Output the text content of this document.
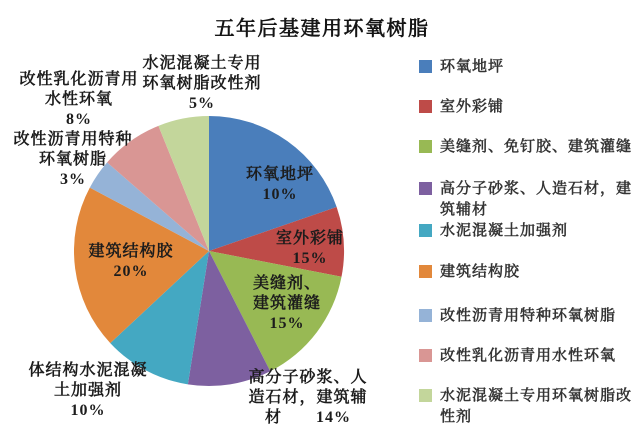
五年后基建用环氧树脂
环氧地坪
10%
室外彩铺
15%
美缝剂、
建筑灌缝
15%
高分子砂浆、人
造石材，建筑辅
材　　14%
体结构水泥混凝
土加强剂
10%
建筑结构胶
20%
改性沥青用特种
环氧树脂
3%
改性乳化沥青用
水性环氧
8%
水泥混凝土专用
环氧树脂改性剂
5%
环氧地坪
室外彩铺
美缝剂、免钉胶、建筑灌缝
高分子砂浆、人造石材，建筑辅材
水泥混凝土加强剂
建筑结构胶
改性沥青用特种环氧树脂
改性乳化沥青用水性环氧
水泥混凝土专用环氧树脂改性剂
